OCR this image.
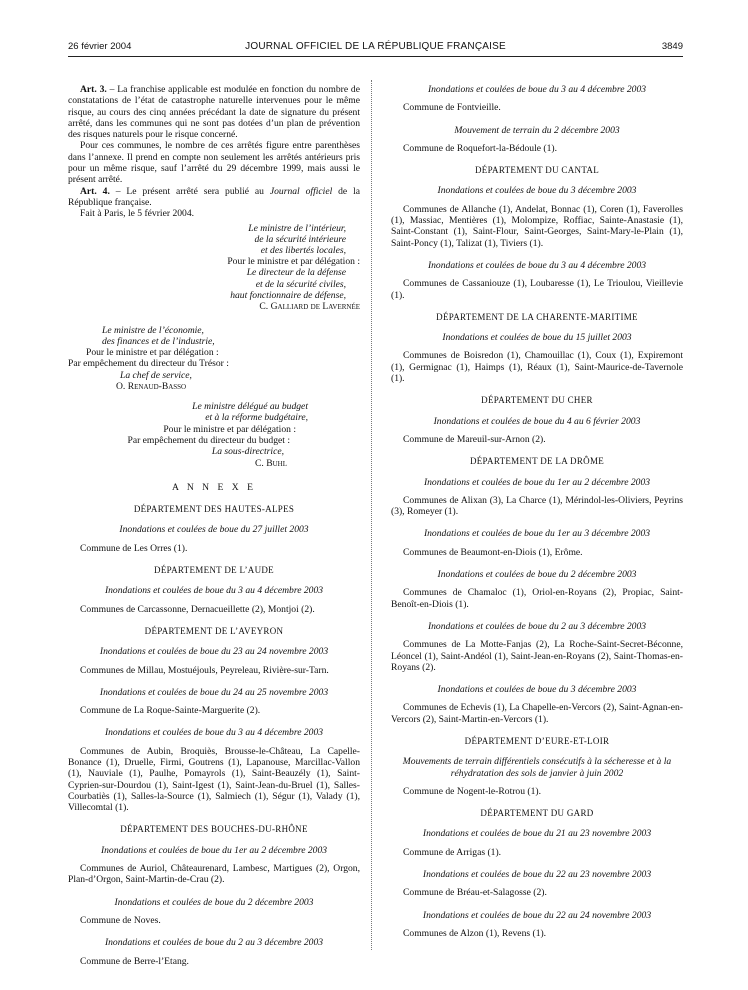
26 février 2004	JOURNAL OFFICIEL DE LA RÉPUBLIQUE FRANÇAISE	3849

Art. 3. – La franchise applicable est modulée en fonction du nombre de constatations de l’état de catastrophe naturelle intervenues pour le même risque, au cours des cinq années précédant la date de signature du présent arrêté, dans les communes qui ne sont pas dotées d’un plan de prévention des risques naturels pour le risque concerné.

Pour ces communes, le nombre de ces arrêtés figure entre parenthèses dans l’annexe. Il prend en compte non seulement les arrêtés antérieurs pris pour un même risque, sauf l’arrêté du 29 décembre 1999, mais aussi le présent arrêté.

Art. 4. – Le présent arrêté sera publié au Journal officiel de la République française.

Fait à Paris, le 5 février 2004.

Le ministre de l’intérieur,
de la sécurité intérieure
et des libertés locales,
Pour le ministre et par délégation :
Le directeur de la défense
et de la sécurité civiles,
haut fonctionnaire de défense,
C. Galliard de Lavernée
Le ministre de l’économie,
des finances et de l’industrie,
Pour le ministre et par délégation :
Par empêchement du directeur du Trésor :
La chef de service,
O. Renaud-Basso
Le ministre délégué au budget
et à la réforme budgétaire,
Pour le ministre et par délégation :
Par empêchement du directeur du budget :
La sous-directrice,
C. Buhl
A N N E X E
DÉPARTEMENT DES HAUTES-ALPES
Inondations et coulées de boue du 27 juillet 2003

Commune de Les Orres (1).

DÉPARTEMENT DE L’AUDE
Inondations et coulées de boue du 3 au 4 décembre 2003

Communes de Carcassonne, Dernacueillette (2), Montjoi (2).

DÉPARTEMENT DE L’AVEYRON
Inondations et coulées de boue du 23 au 24 novembre 2003

Communes de Millau, Mostuéjouls, Peyreleau, Rivière-sur-Tarn.

Inondations et coulées de boue du 24 au 25 novembre 2003

Commune de La Roque-Sainte-Marguerite (2).

Inondations et coulées de boue du 3 au 4 décembre 2003

Communes de Aubin, Broquiès, Brousse-le-Château, La Capelle-Bonance (1), Druelle, Firmi, Goutrens (1), Lapanouse, Marcillac-Vallon (1), Nauviale (1), Paulhe, Pomayrols (1), Saint-Beauzély (1), Saint-Cyprien-sur-Dourdou (1), Saint-Igest (1), Saint-Jean-du-Bruel (1), Salles-Courbatiès (1), Salles-la-Source (1), Salmiech (1), Ségur (1), Valady (1), Villecomtal (1).

DÉPARTEMENT DES BOUCHES-DU-RHÔNE
Inondations et coulées de boue du 1er au 2 décembre 2003

Communes de Auriol, Châteaurenard, Lambesc, Martigues (2), Orgon, Plan-d’Orgon, Saint-Martin-de-Crau (2).

Inondations et coulées de boue du 2 décembre 2003

Commune de Noves.

Inondations et coulées de boue du 2 au 3 décembre 2003

Commune de Berre-l’Etang.

Inondations et coulées de boue du 3 au 4 décembre 2003

Commune de Fontvieille.

Mouvement de terrain du 2 décembre 2003

Commune de Roquefort-la-Bédoule (1).

DÉPARTEMENT DU CANTAL
Inondations et coulées de boue du 3 décembre 2003

Communes de Allanche (1), Andelat, Bonnac (1), Coren (1), Faverolles (1), Massiac, Mentières (1), Molompize, Roffiac, Sainte-Anastasie (1), Saint-Constant (1), Saint-Flour, Saint-Georges, Saint-Mary-le-Plain (1), Saint-Poncy (1), Talizat (1), Tiviers (1).

Inondations et coulées de boue du 3 au 4 décembre 2003

Communes de Cassaniouze (1), Loubaresse (1), Le Trioulou, Vieillevie (1).

DÉPARTEMENT DE LA CHARENTE-MARITIME
Inondations et coulées de boue du 15 juillet 2003

Communes de Boisredon (1), Chamouillac (1), Coux (1), Expiremont (1), Germignac (1), Haimps (1), Réaux (1), Saint-Maurice-de-Tavernole (1).

DÉPARTEMENT DU CHER
Inondations et coulées de boue du 4 au 6 février 2003

Commune de Mareuil-sur-Arnon (2).

DÉPARTEMENT DE LA DRÔME
Inondations et coulées de boue du 1er au 2 décembre 2003

Communes de Alixan (3), La Charce (1), Mérindol-les-Oliviers, Peyrins (3), Romeyer (1).

Inondations et coulées de boue du 1er au 3 décembre 2003

Communes de Beaumont-en-Diois (1), Erôme.

Inondations et coulées de boue du 2 décembre 2003

Communes de Chamaloc (1), Oriol-en-Royans (2), Propiac, Saint-Benoît-en-Diois (1).

Inondations et coulées de boue du 2 au 3 décembre 2003

Communes de La Motte-Fanjas (2), La Roche-Saint-Secret-Béconne, Léoncel (1), Saint-Andéol (1), Saint-Jean-en-Royans (2), Saint-Thomas-en-Royans (2).

Inondations et coulées de boue du 3 décembre 2003

Communes de Echevis (1), La Chapelle-en-Vercors (2), Saint-Agnan-en-Vercors (2), Saint-Martin-en-Vercors (1).

DÉPARTEMENT D’EURE-ET-LOIR
Mouvements de terrain différentiels consécutifs à la sécheresse et à la réhydratation des sols de janvier à juin 2002

Commune de Nogent-le-Rotrou (1).

DÉPARTEMENT DU GARD
Inondations et coulées de boue du 21 au 23 novembre 2003

Commune de Arrigas (1).

Inondations et coulées de boue du 22 au 23 novembre 2003

Commune de Bréau-et-Salagosse (2).

Inondations et coulées de boue du 22 au 24 novembre 2003

Communes de Alzon (1), Revens (1).
